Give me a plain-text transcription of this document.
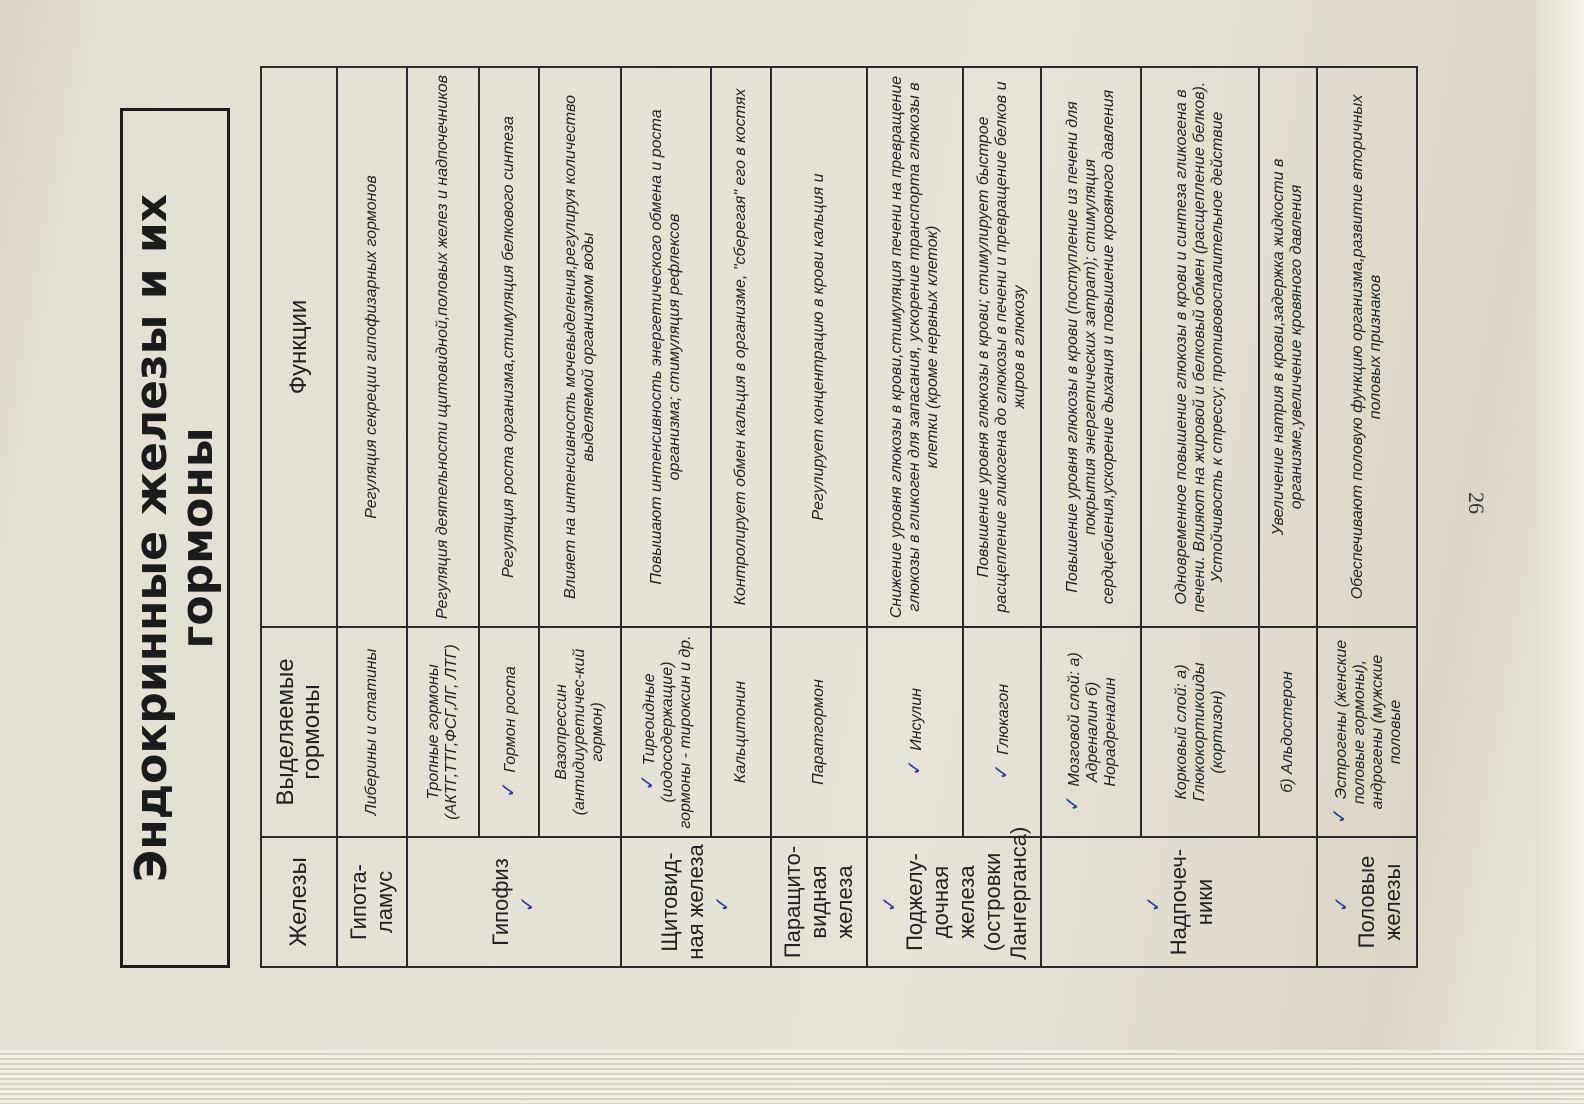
26
Эндокринные железы и их гормоны
Железы	Выделяемые гормоны	Функции
Гипота-ламус	Либерины и статины	Регуляция секреции гипофизарных гормонов
Гипофиз ✓	Тропные гормоны (АКТГ,ТТГ,ФСГ,ЛГ, ЛТГ)	Регуляция деятельности щитовидной,половых желез и надпочечников
	✓ Гормон роста	Регуляция роста организма,стимуляция белкового синтеза
	Вазопрессин (антидиуретичес-кий гормон)	Влияет на интенсивность мочевыделения,регулируя количество выделяемой организмом воды
Щитовид-ная железа ✓	✓ Тиреоидные (иодосодержащие) гормоны - тироксин и др.	Повышают интенсивность энергетического обмена и роста организма; стимуляция рефлексов
	Кальцитонин	Контролирует обмен кальция в организме, "сберегая" его в костях
Паращито-видная железа	Паратгормон	Регулирует концентрацию в крови кальция и
✓
Поджелу-дочная железа (островки Лангерганса)	✓ Инсулин	Снижение уровня глюкозы в крови,стимуляция печени на превращение глюкозы в гликоген для запасания, ускорение транспорта глюкозы в клетки (кроме нервных клеток)
	✓ Глюкагон	Повышение уровня глюкозы в крови; стимулирует быстрое расщепление гликогена до глюкозы в печени и превращение белков и жиров в глюкозу
✓
Надпочеч-ники	✓ Мозговой слой: а) Адреналин б) Норадреналин	Повышение уровня глюкозы в крови (поступление из печени для покрытия энергетических затрат); стимуляция сердцебиения,ускорение дыхания и повышение кровяного давления
	Корковый слой: а) Глюкокортикоиды (кортизон)	Одновременное повышение глюкозы в крови и синтеза гликогена в печени. Влияют на жировой и белковый обмен (расщепление белков). Устойчивость к стрессу; противовоспалительное действие
	б) Альдостерон	Увеличение натрия в крови,задержка жидкости в организме,увеличение кровяного давления
✓
Половые железы	✓ Эстрогены (женские половые гормоны), андрогены (мужские половые	Обеспечивают половую функцию организма,развитие вторичных половых признаков
